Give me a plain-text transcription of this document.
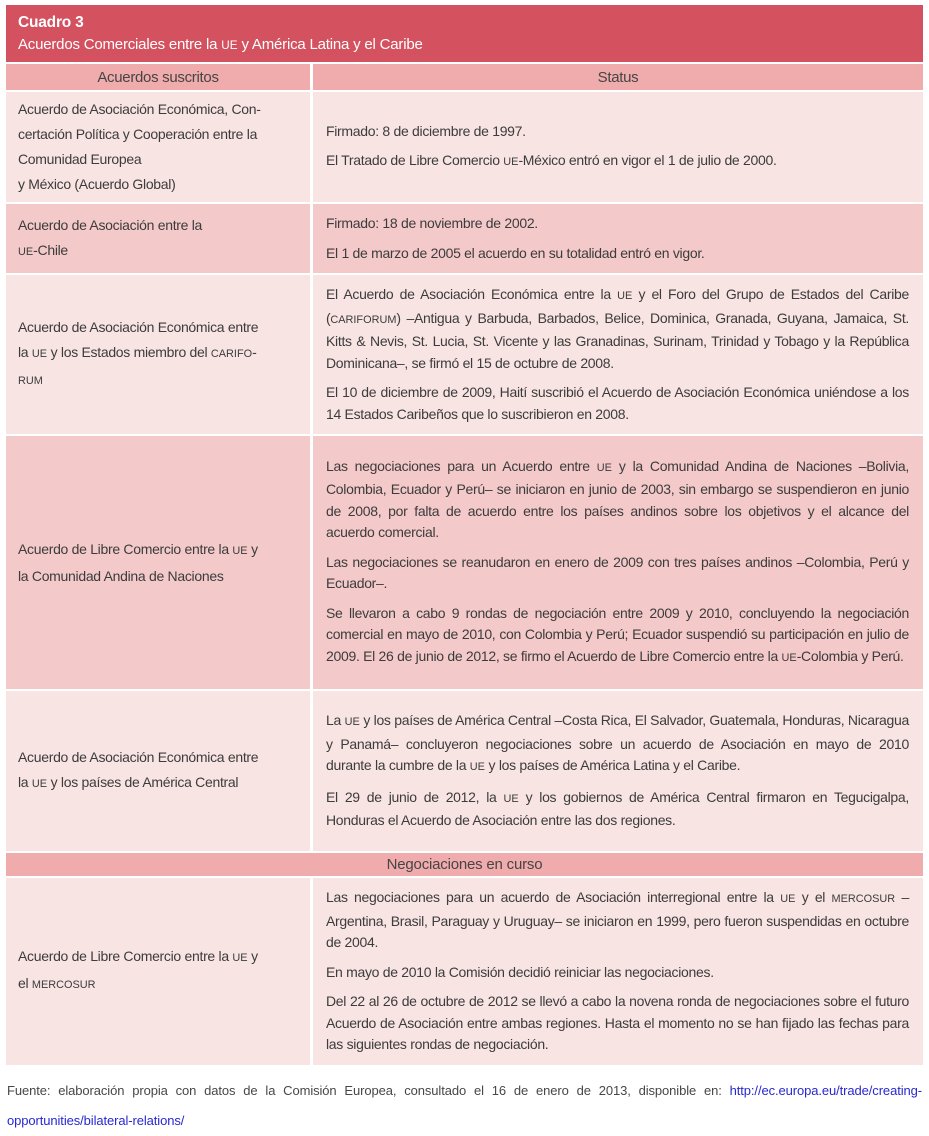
Cuadro 3
Acuerdos Comerciales entre la UE y América Latina y el Caribe
Acuerdos suscritos	Status
Acuerdo de Asociación Económica, Con-
certación Política y Cooperación entre la
Comunidad Europea
y México (Acuerdo Global)
Firmado: 8 de diciembre de 1997.
El Tratado de Libre Comercio UE-México entró en vigor el 1 de julio de 2000.
Acuerdo de Asociación entre la
UE-Chile
Firmado: 18 de noviembre de 2002.
El 1 de marzo de 2005 el acuerdo en su totalidad entró en vigor.
Acuerdo de Asociación Económica entre
la UE y los Estados miembro del CARIFO-
RUM
El Acuerdo de Asociación Económica entre la UE y el Foro del Grupo de Estados del Caribe (CARIFORUM) –Antigua y Barbuda, Barbados, Belice, Dominica, Granada, Guyana, Jamaica, St. Kitts & Nevis, St. Lucia, St. Vicente y las Granadinas, Surinam, Trinidad y Tobago y la República Dominicana–, se firmó el 15 de octubre de 2008.
El 10 de diciembre de 2009, Haití suscribió el Acuerdo de Asociación Económica uniéndose a los 14 Estados Caribeños que lo suscribieron en 2008.
Acuerdo de Libre Comercio entre la UE y
la Comunidad Andina de Naciones
Las negociaciones para un Acuerdo entre UE y la Comunidad Andina de Naciones –Bolivia, Colombia, Ecuador y Perú– se iniciaron en junio de 2003, sin embargo se suspendieron en junio de 2008, por falta de acuerdo entre los países andinos sobre los objetivos y el alcance del acuerdo comercial.
Las negociaciones se reanudaron en enero de 2009 con tres países andinos –Colombia, Perú y Ecuador–.
Se llevaron a cabo 9 rondas de negociación entre 2009 y 2010, concluyendo la negociación comercial en mayo de 2010, con Colombia y Perú; Ecuador suspendió su participación en julio de 2009. El 26 de junio de 2012, se firmo el Acuerdo de Libre Comercio entre la UE-Colombia y Perú.
Acuerdo de Asociación Económica entre
la UE y los países de América Central
La UE y los países de América Central –Costa Rica, El Salvador, Guatemala, Honduras, Nicaragua y Panamá– concluyeron negociaciones sobre un acuerdo de Asociación en mayo de 2010 durante la cumbre de la UE y los países de América Latina y el Caribe.
El 29 de junio de 2012, la UE y los gobiernos de América Central firmaron en Tegucigalpa, Honduras el Acuerdo de Asociación entre las dos regiones.
Negociaciones en curso
Acuerdo de Libre Comercio entre la UE y
el MERCOSUR
Las negociaciones para un acuerdo de Asociación interregional entre la UE y el MERCOSUR –Argentina, Brasil, Paraguay y Uruguay– se iniciaron en 1999, pero fueron suspendidas en octubre de 2004.
En mayo de 2010 la Comisión decidió reiniciar las negociaciones.
Del 22 al 26 de octubre de 2012 se llevó a cabo la novena ronda de negociaciones sobre el futuro Acuerdo de Asociación entre ambas regiones. Hasta el momento no se han fijado las fechas para las siguientes rondas de negociación.
Fuente: elaboración propia con datos de la Comisión Europea, consultado el 16 de enero de 2013, disponible en: http://ec.europa.eu/trade/creating-opportunities/bilateral-relations/
